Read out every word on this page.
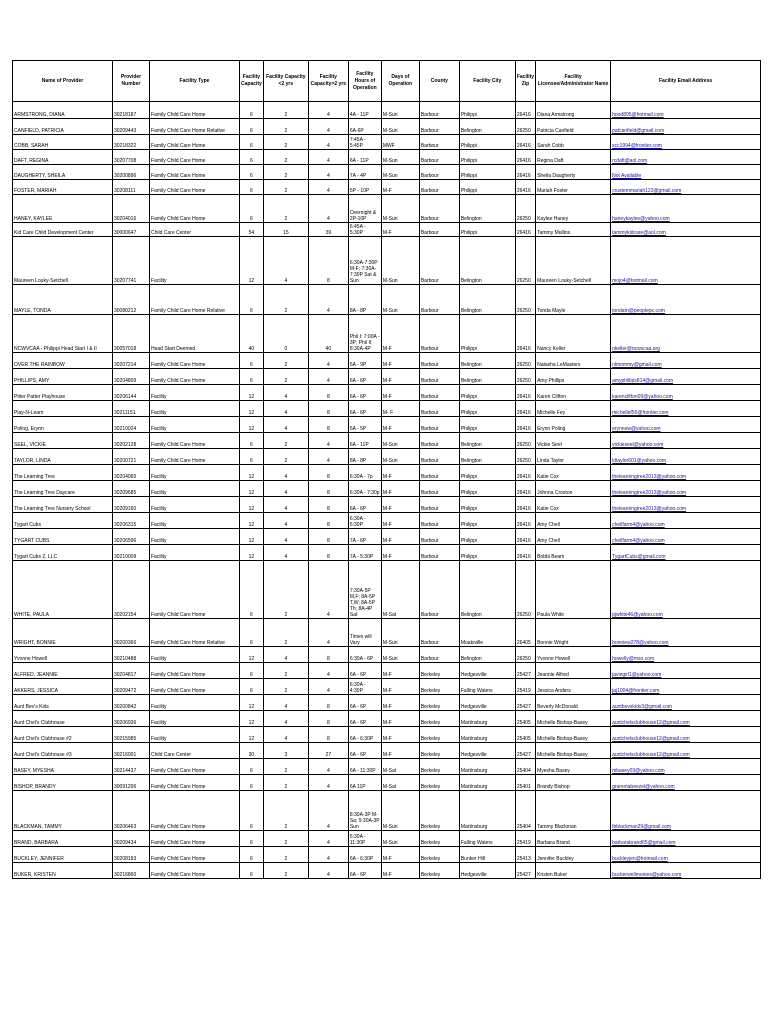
Name of Provider	Provider Number	Facility Type	Facility Capacity	Facility Capacity <2 yrs	Facility Capacity>2 yrs	Facility Hours of Operation	Days of Operation	County	Facility City	Facility Zip	Facility Licensee/Administrator Name	Facility Email Address
ARMSTRONG, DIANA	30218187	Family Child Care Home	6	2	4	4A - 11P	M-Sun	Barbour	Philippi	26416	Diana Armstrong	hood895@hotmail.com
CANFIELD, PATRICIA	30209443	Family Child Care Home Relative	6	2	4	6A-6P	M-Sun	Barbour	Belington	26250	Patricia Canfield	patcanfield@gmail.com
COBB, SARAH	30218322	Family Child Care Home	6	2	4	7:45A - 5:45P	MWF	Barbour	Philippi	26416	Sarah Cobb	scc1994@frontier.com
DAFT, REGINA	30207708	Family Child Care Home	6	2	4	6A - 11P	M-Sun	Barbour	Philippi	26416	Regina Daft	rcdaft@aol.com
DAUGHERTY, SHEILA	30200896	Family Child Care Home	6	2	4	7A - 4P	M-Sun	Barbour	Philippi	26416	Sheila Daugherty	Not Available
FOSTER, MARIAH	30208111	Family Child Care Home	6	2	4	5P - 10P	M-F	Barbour	Philippi	26416	Mariah Foster	crustemmariah123@gmail.com
HANEY, KAYLEE	30204016	Family Child Care Home	6	2	4	Overnight & 2P-10P	M-Sun	Barbour	Belington	26250	Kaylee Haney	haneykaylee@yahoo.com
Kid Care Child Development Center	30000647	Child Care Center	54	15	39	6:45A - 5:30P	M-F	Barbour	Philippi	26416	Tammy Mullins	tammykidcare@aol.com
Maureen Louky-Setchell	30207741	Facility	12	4	8	6:30A-7:30P M-F; 7:30A-7:30P Sat & Sun	M-Sun	Barbour	Belington	26250	Maureen Louky-Setchell	mojo4@hotmail.com
MAYLE, TONDA	30080212	Family Child Care Home Relative	6	2	4	8A - 8P	M-Sun	Barbour	Belington	26250	Tonda Mayle	tondam@peoplepc.com
NCWVCAA - Philippi Head Start I & II	30057018	Head Start Deemed	40	0	40	Phil I: 7:00A - 3P; Phil II: 8:30A-4P	M-F	Barbour	Philippi	26416	Nancy Keller	nkeller@ncwvcaa.org
OVER THE RAINBOW	30207214	Family Child Care Home	6	2	4	5A - 9P	M-F	Barbour	Belington	26250	Natasha LeMasters	nlmommy@gmail.com
PHILLIPS, AMY	30204809	Family Child Care Home	6	2	4	6A - 6P	M-F	Barbour	Belington	26250	Amy Phillips	amyphillips814@gmail.com
Pitter Patter Playhouse	30206144	Facility	12	4	8	6A - 6P	M-F	Barbour	Philippi	26416	Karen Clifton	karenclifton09@yahoo.com
Play-N-Learn	30211151	Facility	12	4	8	6A - 6P	M- F	Barbour	Philippi	26416	Michelle Fey	michellef56@frontier.com
Poling, Erynn	30210024	Facility	12	4	8	5A - 5P	M-F	Barbour	Philippi	26416	Erynn Poling	erynnew@yahoo.com
SEEL, VICKIE	30202128	Family Child Care Home	6	2	4	6A - 11P	M-Sun	Barbour	Belington	26250	Vickie Seel	vickieseel@yahoo.com
TAYLOR, LINDA	30200721	Family Child Care Home	6	2	4	8A - 8P	M-Sun	Barbour	Belington	26250	Linda Taylor	ldtaylor601@yahoo.com
The Learning Tree	30204065	Facility	12	4	8	6:30A - 7p	M-F	Barbour	Philippi	26416	Katie Cox	thelearningtree2013@yahoo.com
The Learning Tree Daycare	30209685	Facility	12	4	8	6:30A - 7:30p	M-F	Barbour	Philippi	26416	Johnna Croston	thelearningtree2013@yahoo.com
The Learning Tree Nursery School	30209160	Facility	12	4	8	6A - 6P	M-F	Barbour	Philippi	26416	Katie Cox	thelearningtree2013@yahoo.com
Tygart Cubs	30206315	Facility	12	4	8	6:30A - 5:30P	M-F	Barbour	Philippi	26416	Amy Chell	chellfarm4@yahoo.com
TYGART CUBS	30206596	Facility	12	4	8	7A - 6P	M-F	Barbour	Philippi	26416	Amy Chell	chellfarm4@yahoo.com
Tygart Cubs 2, LLC	30210009	Facility	12	4	8	7A - 5:30P	M-F	Barbour	Philippi	26416	Bobbi Beam	TygartCubs@gmail.com
WHITE, PAULA	30202154	Family Child Care Home	6	2	4	7:30A-5P M,F; 8A-5P T,W; 8A-5P Th; 8A-4P Sat	M-Sat	Barbour	Belington	26250	Paula White	pjwhite46@yahoo.com
WRIGHT, BONNIE	30200366	Family Child Care Home Relative	6	2	4	Times will Vary	M-Sun	Barbour	Moatsville	26405	Bonnie Wright	bonniew278@yahoo.com
Yvonne Howell	30210488	Facility	12	4	8	6:30A - 6P	M-Sun	Barbour	Belington	26250	Yvonne Howell	howelly@msn.com
ALFRED, JEANNIE	30204817	Family Child Care Home	6	2	4	6A - 6P	M-F	Berkeley	Hedgesville	25427	Jeannie Alfred	javingirl1@yahoo.com
AKKERS, JESSICA	30209472	Family Child Care Home	6	2	4	6:30A - 4:30P	M-F	Berkeley	Falling Waters	25419	Jessica Anders	jaj1004@frontier.com
Aunt Bev's Kids	30200842	Facility	12	4	8	6A - 6P	M-F	Berkeley	Hedgesville	25427	Beverly McDonald	auntbevskids3@gmail.com
Aunt Chel's Clubhouse	30206936	Facility	12	4	8	6A - 6P	M-F	Berkeley	Martinsburg	25405	Michelle Bishop-Basey	auntchelsclubhouse12@gmail.com
Aunt Chel's Clubhouse #2	30215985	Facility	12	4	8	6A - 6:30P	M-F	Berkeley	Martinsburg	25405	Michelle Bishop-Basey	auntchelsclubhouse12@gmail.com
Aunt Chel's Clubhouse #3	30216001	Child Care Center	30	3	27	6A - 6P	M-F	Berkeley	Hedgesville	25427	Michelle Bishop-Basey	auntchelsclubhouse12@gmail.com
BASEY, MYESHA	30214437	Family Child Care Home	6	2	4	6A - 11:30P	M-Sat	Berkeley	Martinsburg	25404	Myesha Basey	mbasey03@yahoo.com
BISHOP, BRANDY	30091296	Family Child Care Home	6	2	4	6A 11P	M-Sat	Berkeley	Martinsburg	25401	Brandy Bishop	grammabeezel@yahoo.com
BLACKMAN, TAMMY	30206463	Family Child Care Home	6	2	4	8:30A-3P M-Sa; 9:30A-3P Sun	M-Sun	Berkeley	Martinsburg	25404	Tammy Blackman	tbblackman29@gmail.com
BRAND, BARBARA	30209434	Family Child Care Home	6	2	4	5:30A - 11:30P	M-Sun	Berkeley	Falling Waters	25419	Barbara Brand	barbarabrand65@gmail.com
BUCKLEY, JENNIFER	30208193	Family Child Care Home	6	2	4	6A - 6:30P	M-F	Berkeley	Bunker Hill	25413	Jennifer Buckley	buckleyjen@hotmail.com
BUKER, KRISTEN	30216860	Family Child Care Home	6	2	4	6A - 6P	M-F	Berkeley	Hedgesville	25427	Kristen Buker	buckerwellmonies@yahoo.com
